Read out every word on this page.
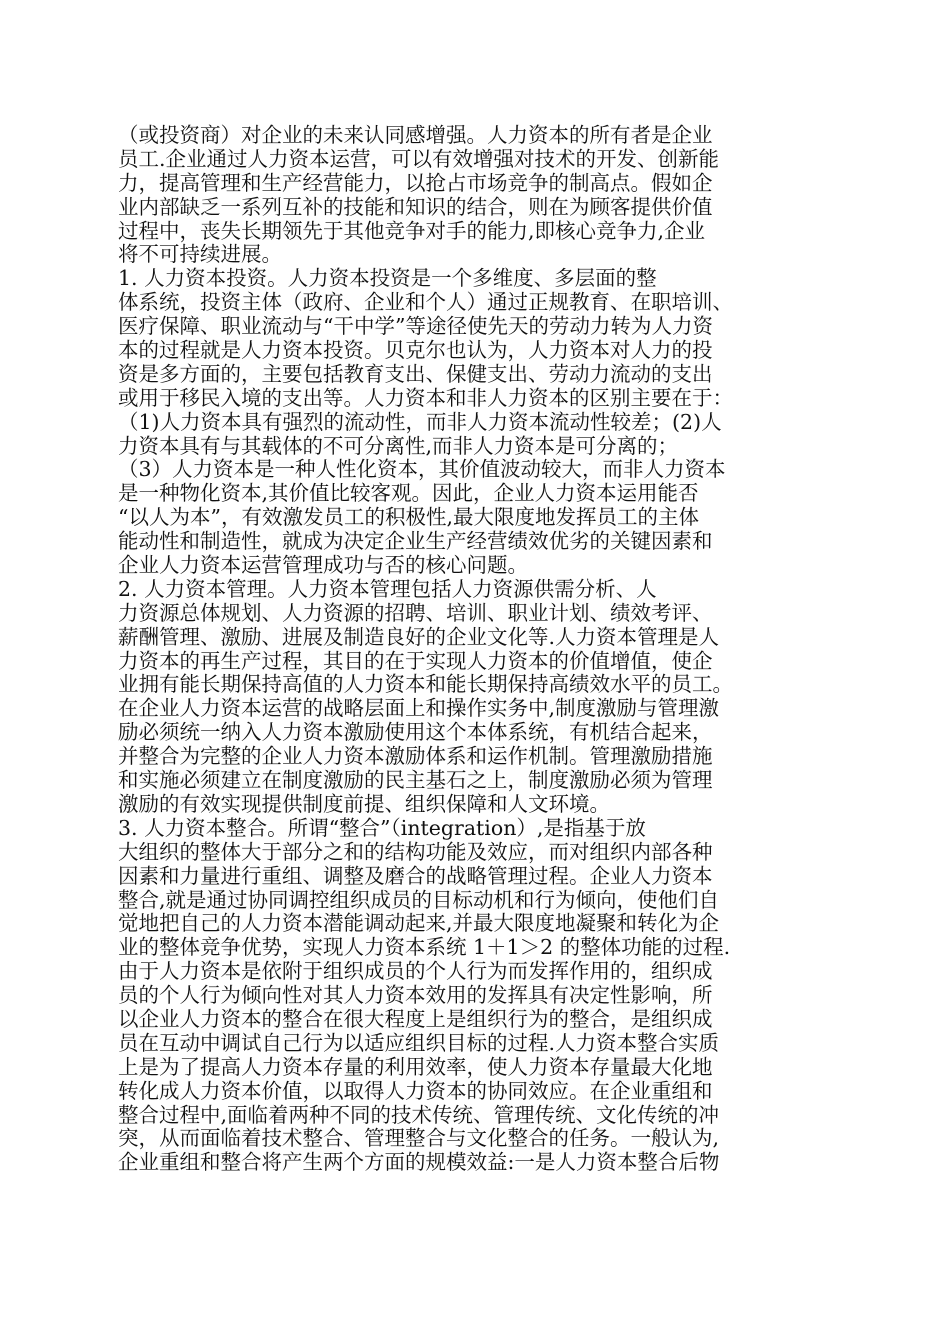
（或投资商）对企业的未来认同感增强。人力资本的所有者是企业
员工.企业通过人力资本运营，可以有效增强对技术的开发、创新能
力，提高管理和生产经营能力，以抢占市场竞争的制高点。假如企
业内部缺乏一系列互补的技能和知识的结合，则在为顾客提供价值
过程中，丧失长期领先于其他竞争对手的能力,即核心竞争力,企业
将不可持续进展。
1. 人力资本投资。人力资本投资是一个多维度、多层面的整
体系统，投资主体（政府、企业和个人）通过正规教育、在职培训、
医疗保障、职业流动与“干中学”等途径使先天的劳动力转为人力资
本的过程就是人力资本投资。贝克尔也认为，人力资本对人力的投
资是多方面的，主要包括教育支出、保健支出、劳动力流动的支出
或用于移民入境的支出等。人力资本和非人力资本的区别主要在于：
（1)人力资本具有强烈的流动性，而非人力资本流动性较差；(2)人
力资本具有与其载体的不可分离性,而非人力资本是可分离的；
（3）人力资本是一种人性化资本，其价值波动较大，而非人力资本
是一种物化资本,其价值比较客观。因此，企业人力资本运用能否
“以人为本”，有效激发员工的积极性,最大限度地发挥员工的主体
能动性和制造性，就成为决定企业生产经营绩效优劣的关键因素和
企业人力资本运营管理成功与否的核心问题。
2. 人力资本管理。人力资本管理包括人力资源供需分析、人
力资源总体规划、人力资源的招聘、培训、职业计划、绩效考评、
薪酬管理、激励、进展及制造良好的企业文化等.人力资本管理是人
力资本的再生产过程，其目的在于实现人力资本的价值增值，使企
业拥有能长期保持高值的人力资本和能长期保持高绩效水平的员工。
在企业人力资本运营的战略层面上和操作实务中,制度激励与管理激
励必须统一纳入人力资本激励使用这个本体系统，有机结合起来，
并整合为完整的企业人力资本激励体系和运作机制。管理激励措施
和实施必须建立在制度激励的民主基石之上，制度激励必须为管理
激励的有效实现提供制度前提、组织保障和人文环境。
3. 人力资本整合。所谓“整合”（integration）,是指基于放
大组织的整体大于部分之和的结构功能及效应，而对组织内部各种
因素和力量进行重组、调整及磨合的战略管理过程。企业人力资本
整合,就是通过协同调控组织成员的目标动机和行为倾向，使他们自
觉地把自己的人力资本潜能调动起来,并最大限度地凝聚和转化为企
业的整体竞争优势，实现人力资本系统 1＋1＞2 的整体功能的过程.
由于人力资本是依附于组织成员的个人行为而发挥作用的，组织成
员的个人行为倾向性对其人力资本效用的发挥具有决定性影响，所
以企业人力资本的整合在很大程度上是组织行为的整合，是组织成
员在互动中调试自己行为以适应组织目标的过程.人力资本整合实质
上是为了提高人力资本存量的利用效率，使人力资本存量最大化地
转化成人力资本价值，以取得人力资本的协同效应。在企业重组和
整合过程中,面临着两种不同的技术传统、管理传统、文化传统的冲
突，从而面临着技术整合、管理整合与文化整合的任务。一般认为,
企业重组和整合将产生两个方面的规模效益:一是人力资本整合后物
